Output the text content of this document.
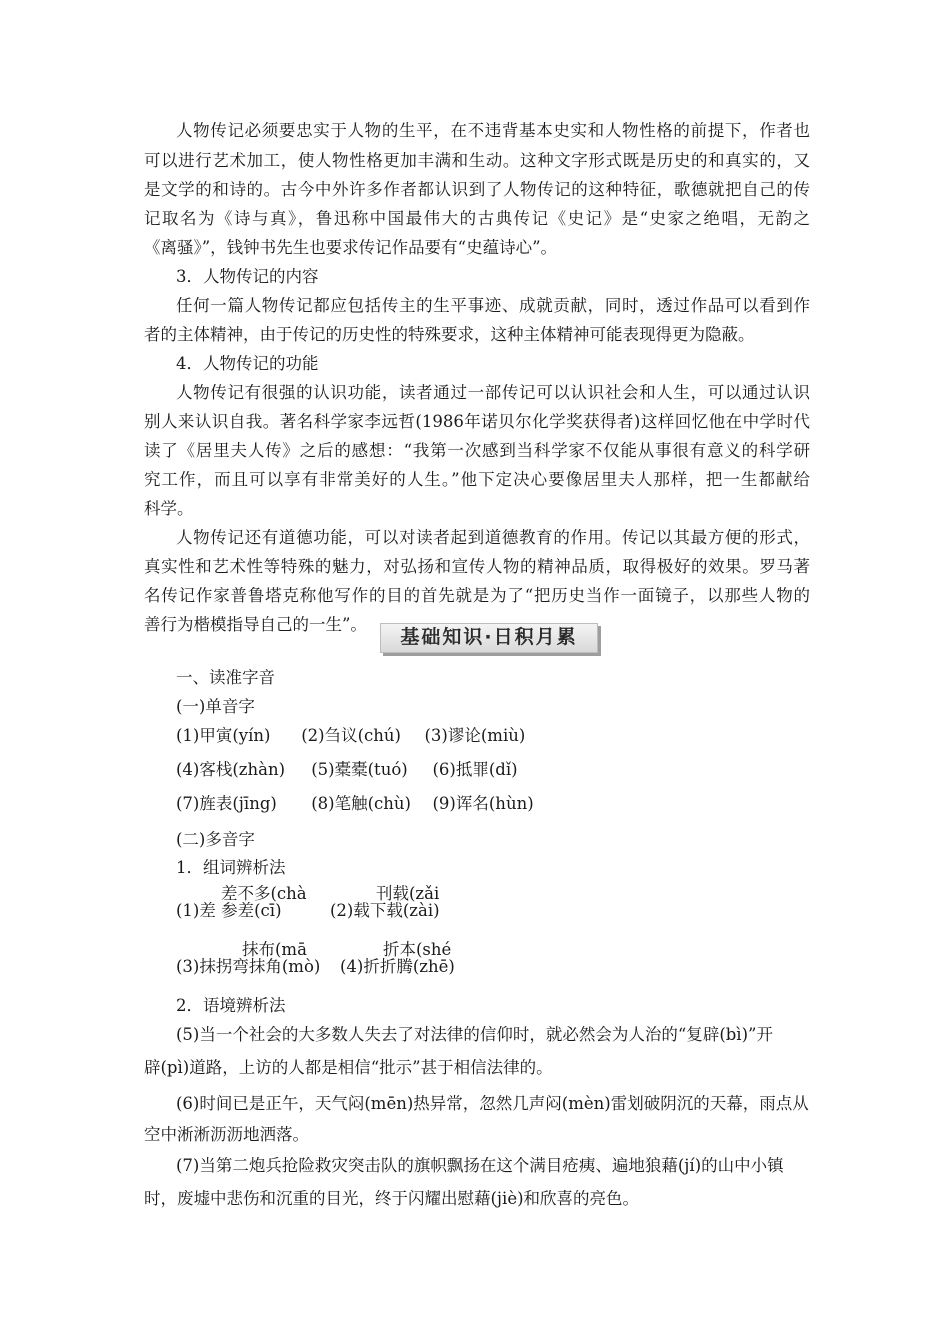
人物传记必须要忠实于人物的生平，在不违背基本史实和人物性格的前提下，作者也
可以进行艺术加工，使人物性格更加丰满和生动。这种文字形式既是历史的和真实的，又
是文学的和诗的。古今中外许多作者都认识到了人物传记的这种特征，歌德就把自己的传
记取名为《诗与真》，鲁迅称中国最伟大的古典传记《史记》是“史家之绝唱，无韵之
《离骚》”，钱钟书先生也要求传记作品要有“史蕴诗心”。
3．人物传记的内容
任何一篇人物传记都应包括传主的生平事迹、成就贡献，同时，透过作品可以看到作
者的主体精神，由于传记的历史性的特殊要求，这种主体精神可能表现得更为隐蔽。
4．人物传记的功能
人物传记有很强的认识功能，读者通过一部传记可以认识社会和人生，可以通过认识
别人来认识自我。著名科学家李远哲(1986年诺贝尔化学奖获得者)这样回忆他在中学时代
读了《居里夫人传》之后的感想：“我第一次感到当科学家不仅能从事很有意义的科学研
究工作，而且可以享有非常美好的人生。”他下定决心要像居里夫人那样，把一生都献给
科学。
人物传记还有道德功能，可以对读者起到道德教育的作用。传记以其最方便的形式，
真实性和艺术性等特殊的魅力，对弘扬和宣传人物的精神品质，取得极好的效果。罗马著
名传记作家普鲁塔克称他写作的目的首先就是为了“把历史当作一面镜子，以那些人物的
善行为楷模指导自己的一生”。
基础知识·日积月累
一、读准字音
(一)单音字
(1)甲寅(yín) (2)刍议(chú) (3)谬论(miù)
(4)客栈(zhàn) (5)橐橐(tuó) (6)抵罪(dǐ)
(7)旌表(jīng) (8)笔触(chù) (9)诨名(hùn)
(二)多音字
1．组词辨析法
差不多(chà	刊载(zǎi
(1)差 参差(cī)	(2)载下载(zài)
抹布(mā	折本(shé
(3)抹拐弯抹角(mò) (4)折折腾(zhē)
2．语境辨析法
(5)当一个社会的大多数人失去了对法律的信仰时，就必然会为人治的“复辟(bì)”开
辟(pì)道路，上访的人都是相信“批示”甚于相信法律的。
(6)时间已是正午，天气闷(mēn)热异常，忽然几声闷(mèn)雷划破阴沉的天幕，雨点从
空中淅淅沥沥地洒落。
(7)当第二炮兵抢险救灾突击队的旗帜飘扬在这个满目疮痍、遍地狼藉(jí)的山中小镇
时，废墟中悲伤和沉重的目光，终于闪耀出慰藉(jiè)和欣喜的亮色。
